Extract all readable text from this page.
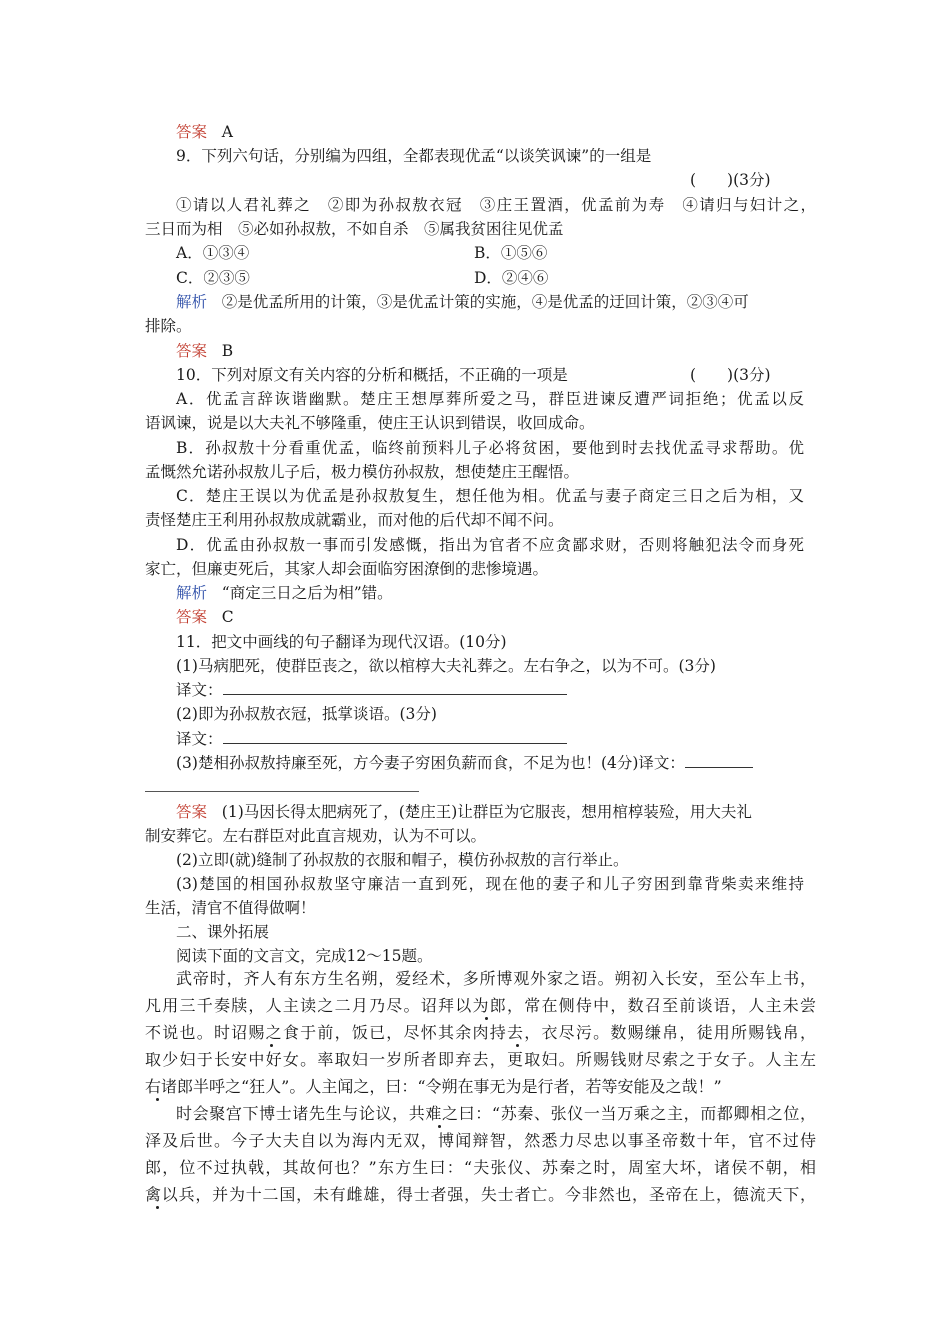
答案 A
9．下列六句话，分别编为四组，全都表现优孟“以谈笑讽谏”的一组是
(　　)(3分)
①请以人君礼葬之　②即为孙叔敖衣冠　③庄王置酒，优孟前为寿　④请归与妇计之，
三日而为相　⑤必如孙叔敖，不如自杀　⑤属我贫困往见优孟
A．①③④	B．①⑤⑥
C．②③⑤	D．②④⑥
解析 ②是优孟所用的计策，③是优孟计策的实施，④是优孟的迂回计策，②③④可
排除。
答案 B
10．下列对原文有关内容的分析和概括，不正确的一项是	(　　)(3分)
A．优孟言辞诙谐幽默。楚庄王想厚葬所爱之马，群臣进谏反遭严词拒绝；优孟以反
语讽谏，说是以大夫礼不够隆重，使庄王认识到错误，收回成命。
B．孙叔敖十分看重优孟，临终前预料儿子必将贫困，要他到时去找优孟寻求帮助。优
孟慨然允诺孙叔敖儿子后，极力模仿孙叔敖，想使楚庄王醒悟。
C．楚庄王误以为优孟是孙叔敖复生，想任他为相。优孟与妻子商定三日之后为相，又
责怪楚庄王利用孙叔敖成就霸业，而对他的后代却不闻不问。
D．优孟由孙叔敖一事而引发感慨，指出为官者不应贪鄙求财，否则将触犯法令而身死
家亡，但廉吏死后，其家人却会面临穷困潦倒的悲惨境遇。
解析 “商定三日之后为相”错。
答案 C
11．把文中画线的句子翻译为现代汉语。(10分)
(1)马病肥死，使群臣丧之，欲以棺椁大夫礼葬之。左右争之，以为不可。(3分)
译文：
(2)即为孙叔敖衣冠，抵掌谈语。(3分)
译文：
(3)楚相孙叔敖持廉至死，方今妻子穷困负薪而食，不足为也！(4分)译文：
答案 (1)马因长得太肥病死了，(楚庄王)让群臣为它服丧，想用棺椁装殓，用大夫礼
制安葬它。左右群臣对此直言规劝，认为不可以。
(2)立即(就)缝制了孙叔敖的衣服和帽子，模仿孙叔敖的言行举止。
(3)楚国的相国孙叔敖坚守廉洁一直到死，现在他的妻子和儿子穷困到靠背柴卖来维持
生活，清官不值得做啊！
二、课外拓展
阅读下面的文言文，完成12～15题。
武帝时，齐人有东方生名朔，爱经术，多所博观外家之语。朔初入长安，至公车上书，
凡用三千奏牍，人主读之二月乃尽。诏拜以为郎，常在侧侍中，数召至前谈语，人主未尝
不说也。时诏赐之食于前，饭已，尽怀其余肉持去，衣尽污。数赐缣帛，徒用所赐钱帛，
取少妇于长安中好女。率取妇一岁所者即弃去，更取妇。所赐钱财尽索之于女子。人主左
右诸郎半呼之“狂人”。人主闻之，曰：“令朔在事无为是行者，若等安能及之哉！”
时会聚宫下博士诸先生与论议，共难之曰：“苏秦、张仪一当万乘之主，而都卿相之位，
泽及后世。今子大夫自以为海内无双，博闻辩智，然悉力尽忠以事圣帝数十年，官不过侍
郎，位不过执戟，其故何也？”东方生曰：“夫张仪、苏秦之时，周室大坏，诸侯不朝，相
禽以兵，并为十二国，未有雌雄，得士者强，失士者亡。今非然也，圣帝在上，德流天下，
